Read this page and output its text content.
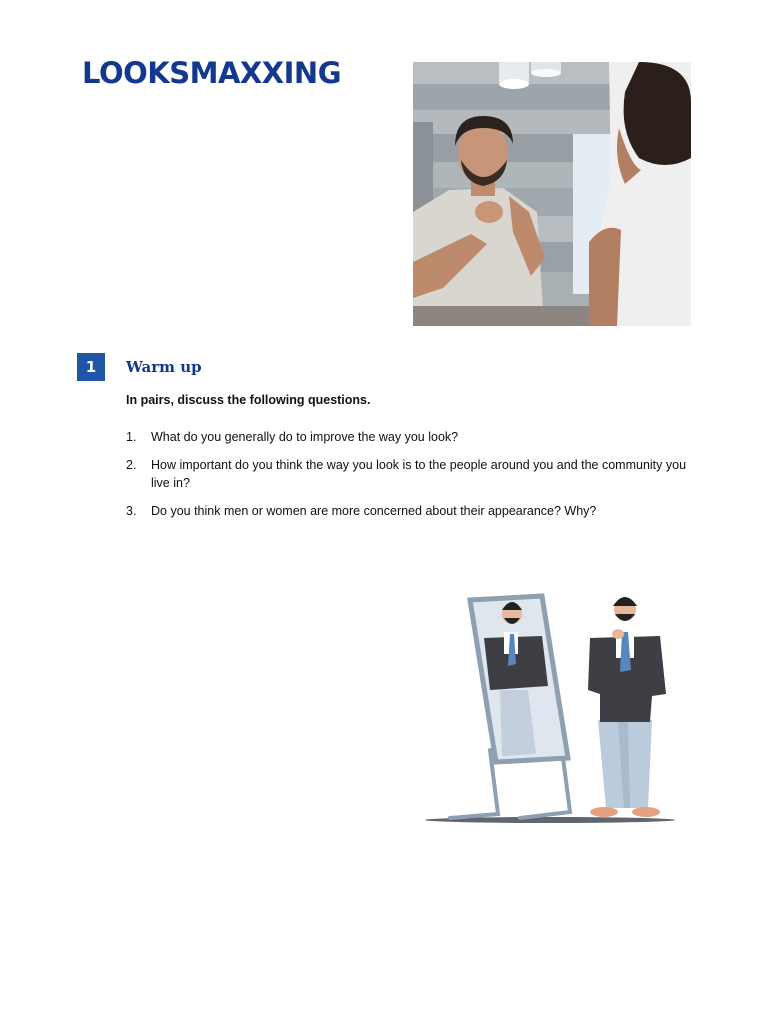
LOOKSMAXXING
1	Warm up

In pairs, discuss the following questions.

1. What do you generally do to improve the way you look?
2. How important do you think the way you look is to the people around you and the community you live in?
3. Do you think men or women are more concerned about their appearance? Why?
